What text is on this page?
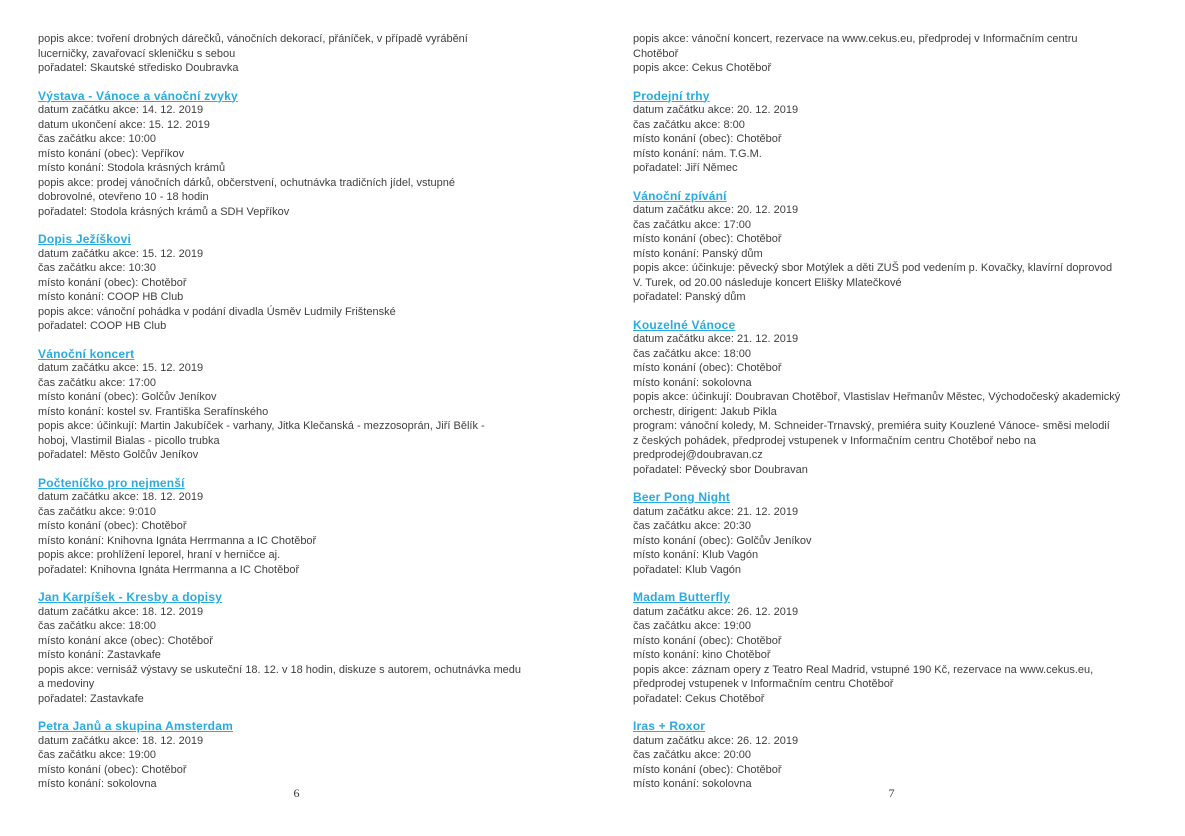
popis akce: tvoření drobných dárečků, vánočních dekorací, přáníček, v případě vyrábění

lucerničky, zavařovací skleničku s sebou

pořadatel: Skautské středisko Doubravka

Výstava - Vánoce a vánoční zvyky

datum začátku akce: 14. 12. 2019

datum ukončení akce: 15. 12. 2019

čas začátku akce: 10:00

místo konání (obec): Vepříkov

místo konání: Stodola krásných krámů

popis akce: prodej vánočních dárků, občerstvení, ochutnávka tradičních jídel, vstupné

dobrovolné, otevřeno 10 - 18 hodin

pořadatel: Stodola krásných krámů a SDH Vepříkov

Dopis Ježíškovi

datum začátku akce: 15. 12. 2019

čas začátku akce: 10:30

místo konání (obec): Chotěboř

místo konání: COOP HB Club

popis akce: vánoční pohádka v podání divadla Úsměv Ludmily Frištenské

pořadatel: COOP HB Club

Vánoční koncert

datum začátku akce: 15. 12. 2019

čas začátku akce: 17:00

místo konání (obec): Golčův Jeníkov

místo konání: kostel sv. Františka Serafínského

popis akce: účinkují: Martin Jakubíček - varhany, Jitka Klečanská - mezzosoprán, Jiří Bělík -

hoboj, Vlastimil Bialas - picollo trubka

pořadatel: Město Golčův Jeníkov

Počteníčko pro nejmenší

datum začátku akce: 18. 12. 2019

čas začátku akce: 9:010

místo konání (obec): Chotěboř

místo konání: Knihovna Ignáta Herrmanna a IC Chotěboř

popis akce: prohlížení leporel, hraní v herničce aj.

pořadatel: Knihovna Ignáta Herrmanna a IC Chotěboř

Jan Karpíšek - Kresby a dopisy

datum začátku akce: 18. 12. 2019

čas začátku akce: 18:00

místo konání akce (obec): Chotěboř

místo konání: Zastavkafe

popis akce: vernisáž výstavy se uskuteční 18. 12. v 18 hodin, diskuze s autorem, ochutnávka medu

a medoviny

pořadatel: Zastavkafe

Petra Janů a skupina Amsterdam

datum začátku akce: 18. 12. 2019

čas začátku akce: 19:00

místo konání (obec): Chotěboř

místo konání: sokolovna

6

popis akce: vánoční koncert, rezervace na www.cekus.eu, předprodej v Informačním centru

Chotěboř

popis akce: Cekus Chotěboř

Prodejní trhy

datum začátku akce: 20. 12. 2019

čas začátku akce: 8:00

místo konání (obec): Chotěboř

místo konání: nám. T.G.M.

pořadatel: Jiří Němec

Vánoční zpívání

datum začátku akce: 20. 12. 2019

čas začátku akce: 17:00

místo konání (obec): Chotěboř

místo konání: Panský dům

popis akce: účinkuje: pěvecký sbor Motýlek a děti ZUŠ pod vedením p. Kovačky, klavírní doprovod

V. Turek, od 20.00 následuje koncert Elišky Mlatečkové

pořadatel: Panský dům

Kouzelné Vánoce

datum začátku akce: 21. 12. 2019

čas začátku akce: 18:00

místo konání (obec): Chotěboř

místo konání: sokolovna

popis akce: účinkují: Doubravan Chotěboř, Vlastislav Heřmanův Městec, Východočeský akademický

orchestr, dirigent: Jakub Pikla

program: vánoční koledy, M. Schneider-Trnavský, premiéra suity Kouzlené Vánoce- směsi melodií

z českých pohádek, předprodej vstupenek v Informačním centru Chotěboř nebo na

predprodej@doubravan.cz

pořadatel: Pěvecký sbor Doubravan

Beer Pong Night

datum začátku akce: 21. 12. 2019

čas začátku akce: 20:30

místo konání (obec): Golčův Jeníkov

místo konání: Klub Vagón

pořadatel: Klub Vagón

Madam Butterfly

datum začátku akce: 26. 12. 2019

čas začátku akce: 19:00

místo konání (obec): Chotěboř

místo konání: kino Chotěboř

popis akce: záznam opery z Teatro Real Madrid, vstupné 190 Kč, rezervace na www.cekus.eu,

předprodej vstupenek v Informačním centru Chotěboř

pořadatel: Cekus Chotěboř

Iras + Roxor

datum začátku akce: 26. 12. 2019

čas začátku akce: 20:00

místo konání (obec): Chotěboř

místo konání: sokolovna

7
